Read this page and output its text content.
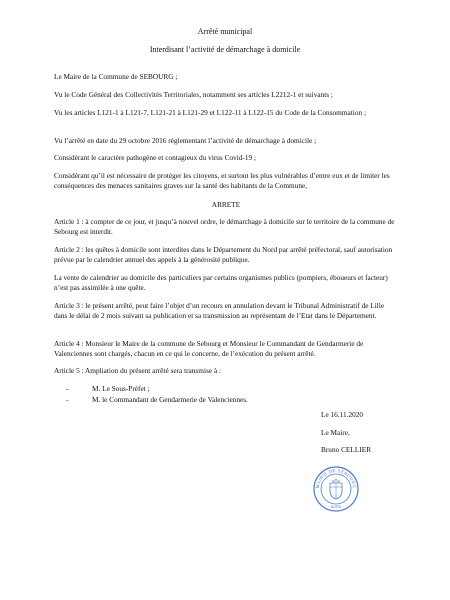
Arrêté municipal
Interdisant l’activité de démarchage à domicile

Le Maire de la Commune de SEBOURG ;

Vu le Code Général des Collectivités Territoriales, notamment ses articles L2212-1 et suivants ;

Vu les articles L121-1 à L121-7, L121-21 à L121-29 et L122-11 à L122-15 du Code de la Consommation ;

Vu l’arrêté en date du 29 octobre 2016 réglementant l’activité de démarchage à domicile ;

Considérant le caractère pathogène et contagieux du virus Covid-19 ;

Considérant qu’il est nécessaire de protéger les citoyens, et surtout les plus vulnérables d’entre eux et de limiter les conséquences des menaces sanitaires graves sur la santé des habitants de la Commune,

ARRETE

Article 1 : à compter de ce jour, et jusqu’à nouvel ordre, le démarchage à domicile sur le territoire de la commune de Sebourg est interdit.

Article 2 : les quêtes à domicile sont interdites dans le Département du Nord par arrêté préfectoral, sauf autorisation prévue par le calendrier annuel des appels à la générosité publique.

La vente de calendrier au domicile des particuliers par certains organismes publics (pompiers, éboueurs et facteur) n’est pas assimilée à une quête.

Article 3 : le présent arrêté, peut faire l’objet d’un recours en annulation devant le Tribunal Administratif de Lille dans le délai de 2 mois suivant sa publication et sa transmission au représentant de l’Etat dans le Département.

Article 4 : Monsieur le Maire de la commune de Sebourg et Monsieur le Commandant de Gendarmerie de Valenciennes sont chargés, chacun en ce qui le concerne, de l’exécution du présent arrêté.

Article 5 : Ampliation du présent arrêté sera transmise à :

-	M. Le Sous-Préfet ;
-	M. le Commandant de Gendarmerie de Valenciennes.
Le 16.11.2020
Le Maire,
Bruno CELLIER
MAIRIE DE SEBOURG
NORD
